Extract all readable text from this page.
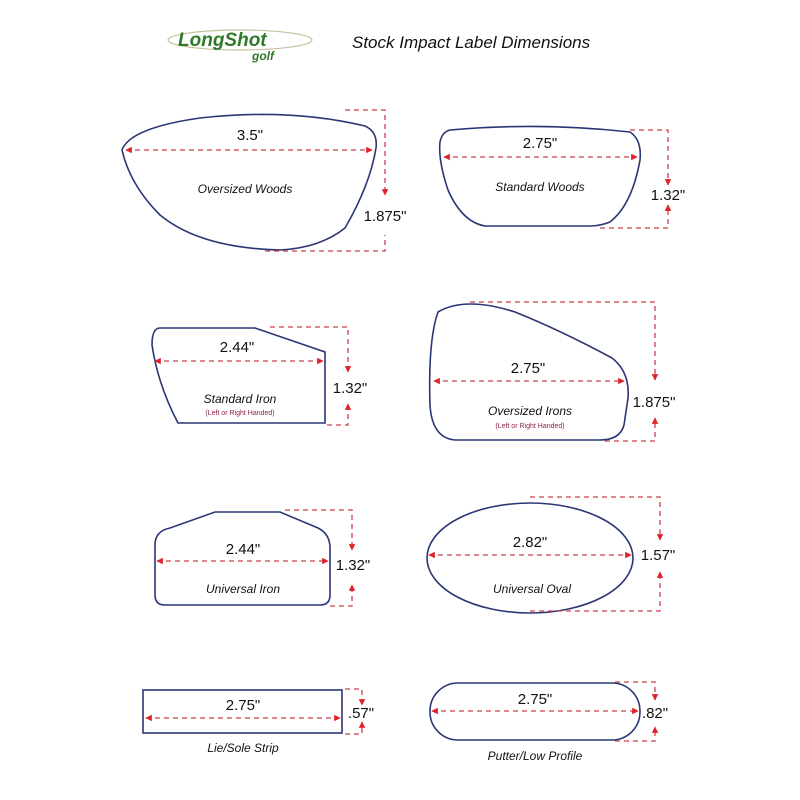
LongShot
golf
Stock Impact Label Dimensions
3.5"
Oversized Woods
1.875"
2.75"
Standard Woods	1.32"
2.44"
Standard Iron
(Left or Right Handed)
1.32"
2.75"
Oversized Irons
(Left or Right Handed)
1.875"
2.44"
Universal Iron
1.32"
2.82"
Universal Oval
1.57"
2.75"
Lie/Sole Strip
.57"
2.75"
Putter/Low Profile
.82"
